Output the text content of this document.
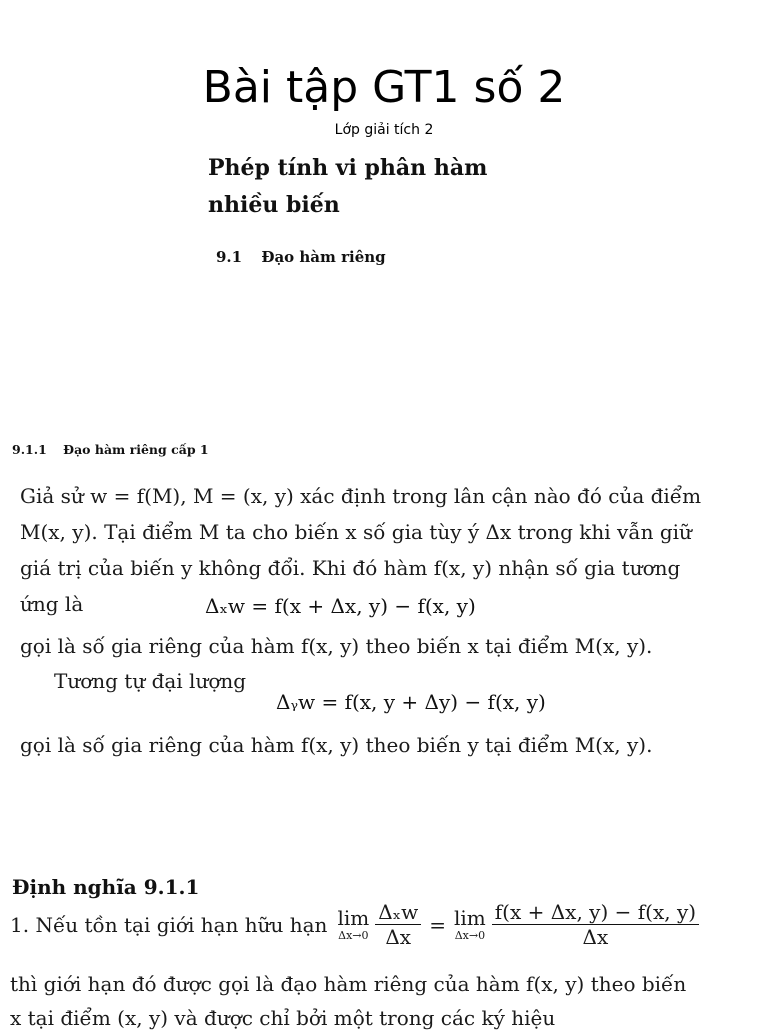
Bài tập GT1 số 2
Lớp giải tích 2
Phép tính vi phân hàm nhiều biến
9.1 Đạo hàm riêng
9.1.1 Đạo hàm riêng cấp 1
Giả sử w = f(M), M = (x, y) xác định trong lân cận nào đó của điểm
M(x, y). Tại điểm M ta cho biến x số gia tùy ý Δx trong khi vẫn giữ
giá trị của biến y không đổi. Khi đó hàm f(x, y) nhận số gia tương
ứng là	Δₓw = f(x + Δx, y) − f(x, y)
gọi là số gia riêng của hàm f(x, y) theo biến x tại điểm M(x, y).
Tương tự đại lượng
Δᵧw = f(x, y + Δy) − f(x, y)
gọi là số gia riêng của hàm f(x, y) theo biến y tại điểm M(x, y).
Định nghĩa 9.1.1
1. Nếu tồn tại giới hạn hữu hạn lim
$\Delta x\to 0 \frac{\text{Δₓw}}{\Delta x} = \lim$
$\Delta x\to 0 \frac{f(x + \Delta x, y) - f(x, y)}{\Delta x}$
thì giới hạn đó được gọi là đạo hàm riêng của hàm f(x, y) theo biến
x tại điểm (x, y) và được chỉ bởi một trong các ký hiệu
